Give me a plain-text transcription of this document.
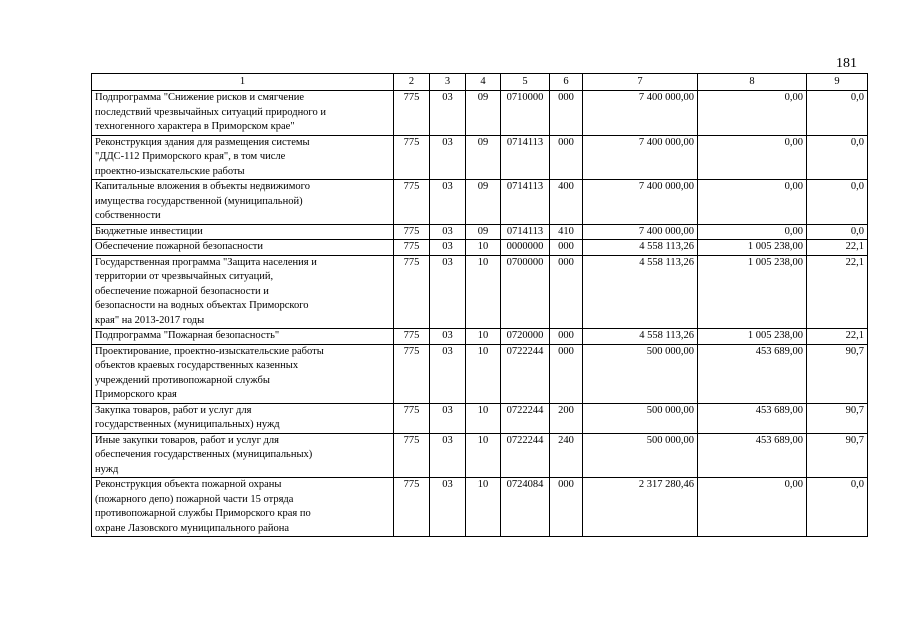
181
1	2	3	4	5	6	7	8	9

Подпрограмма "Снижение рисков и смягчение
последствий чрезвычайных ситуаций природного и
техногенного характера в Приморском крае"	775	03	09	0710000	000	7 400 000,00	0,00	0,0

Реконструкция здания для размещения системы
"ДДС-112 Приморского края", в том числе
проектно-изыскательские работы	775	03	09	0714113	000	7 400 000,00	0,00	0,0

Капитальные вложения в объекты недвижимого
имущества государственной (муниципальной)
собственности	775	03	09	0714113	400	7 400 000,00	0,00	0,0

Бюджетные инвестиции	775	03	09	0714113	410	7 400 000,00	0,00	0,0

Обеспечение пожарной безопасности	775	03	10	0000000	000	4 558 113,26	1 005 238,00	22,1

Государственная программа "Защита населения и
территории от чрезвычайных ситуаций,
обеспечение пожарной безопасности и
безопасности на водных объектах Приморского
края" на 2013-2017 годы	775	03	10	0700000	000	4 558 113,26	1 005 238,00	22,1

Подпрограмма "Пожарная безопасность"	775	03	10	0720000	000	4 558 113,26	1 005 238,00	22,1

Проектирование, проектно-изыскательские работы
объектов краевых государственных казенных
учреждений противопожарной службы
Приморского края	775	03	10	0722244	000	500 000,00	453 689,00	90,7

Закупка товаров, работ и услуг для
государственных (муниципальных) нужд	775	03	10	0722244	200	500 000,00	453 689,00	90,7

Иные закупки товаров, работ и услуг для
обеспечения государственных (муниципальных)
нужд	775	03	10	0722244	240	500 000,00	453 689,00	90,7

Реконструкция объекта пожарной охраны
(пожарного депо) пожарной части 15 отряда
противопожарной службы Приморского края по
охране Лазовского муниципального района	775	03	10	0724084	000	2 317 280,46	0,00	0,0
